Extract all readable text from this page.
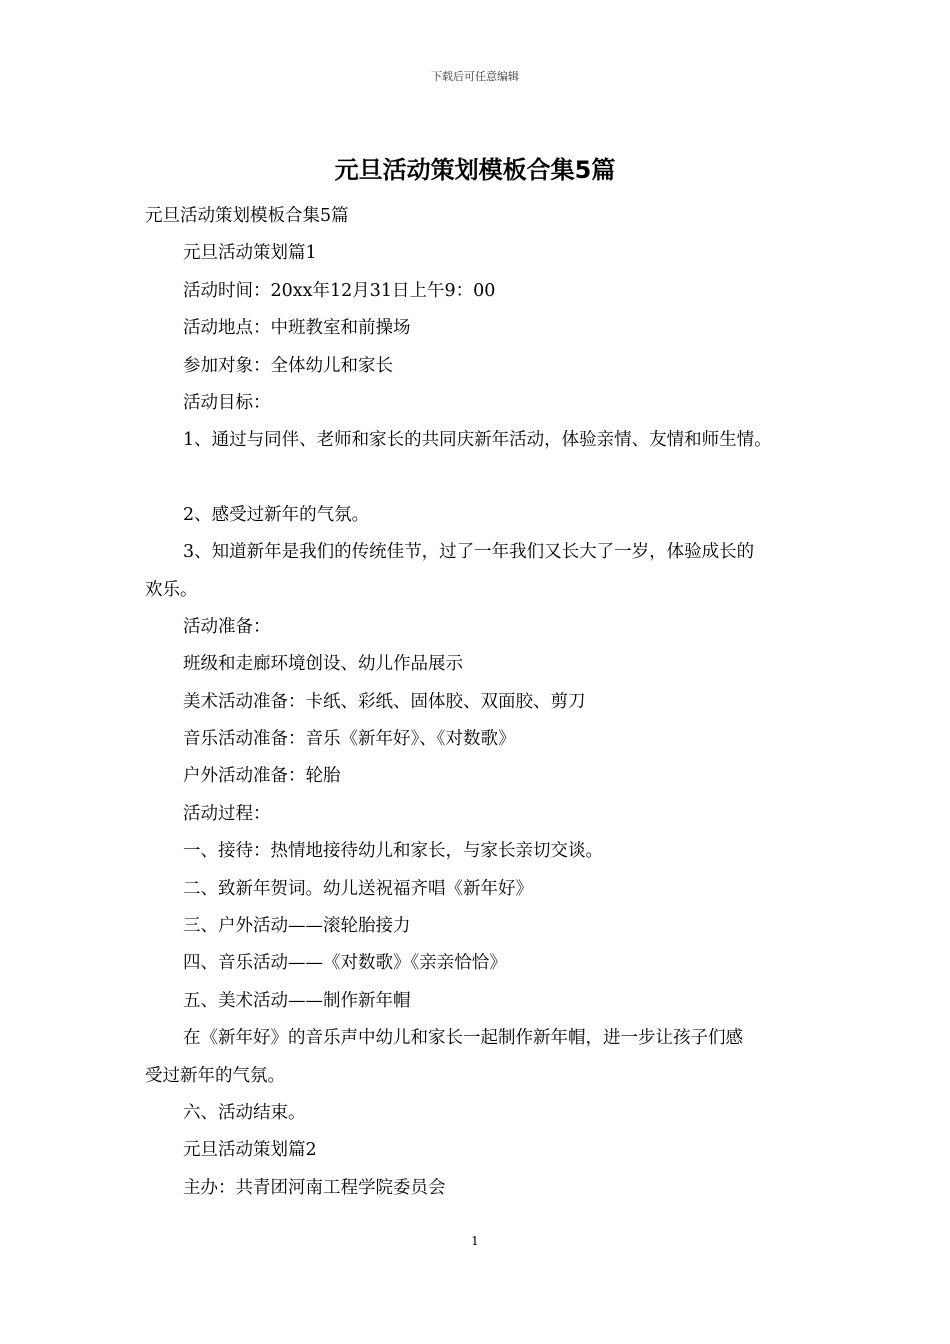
下载后可任意编辑
元旦活动策划模板合集5篇
元旦活动策划模板合集5篇
元旦活动策划篇1
活动时间：20xx年12月31日上午9：00
活动地点：中班教室和前操场
参加对象：全体幼儿和家长
活动目标：
1、通过与同伴、老师和家长的共同庆新年活动，体验亲情、友情和师生情。
2、感受过新年的气氛。
3、知道新年是我们的传统佳节，过了一年我们又长大了一岁，体验成长的
欢乐。
活动准备：
班级和走廊环境创设、幼儿作品展示
美术活动准备：卡纸、彩纸、固体胶、双面胶、剪刀
音乐活动准备：音乐《新年好》、《对数歌》
户外活动准备：轮胎
活动过程：
一、接待：热情地接待幼儿和家长，与家长亲切交谈。
二、致新年贺词。幼儿送祝福齐唱《新年好》
三、户外活动——滚轮胎接力
四、音乐活动——《对数歌》《亲亲恰恰》
五、美术活动——制作新年帽
在《新年好》的音乐声中幼儿和家长一起制作新年帽，进一步让孩子们感
受过新年的气氛。
六、活动结束。
元旦活动策划篇2
主办：共青团河南工程学院委员会
1
